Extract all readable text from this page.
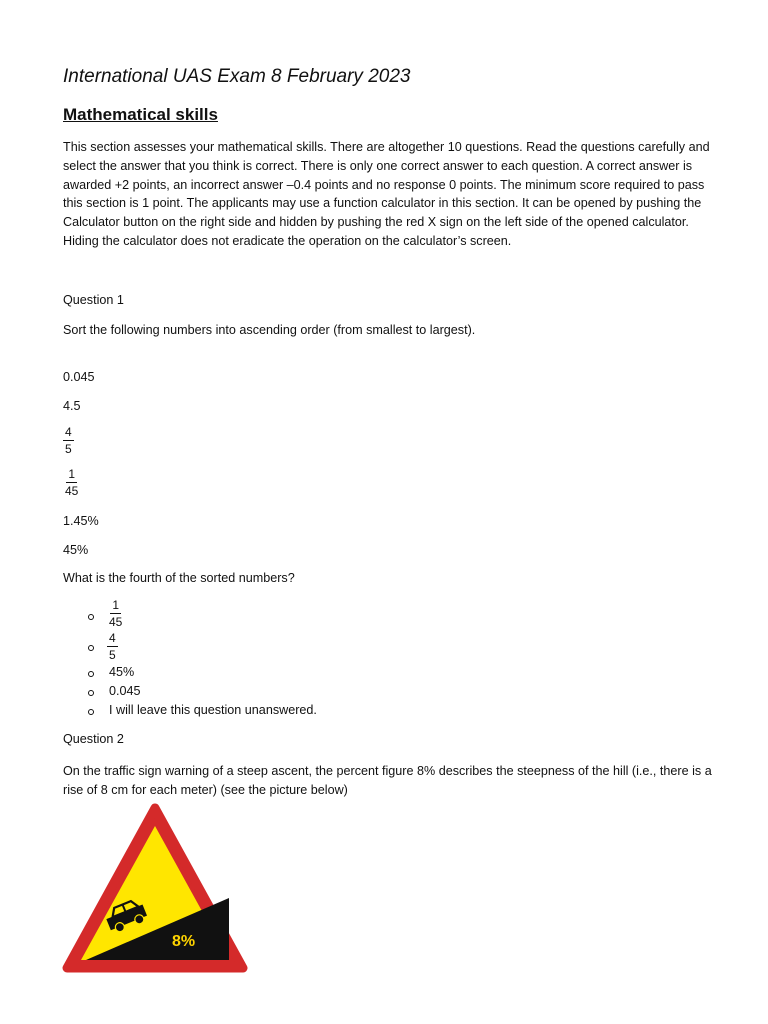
International UAS Exam 8 February 2023
Mathematical skills
This section assesses your mathematical skills. There are altogether 10 questions. Read the questions carefully and select the answer that you think is correct. There is only one correct answer to each question. A correct answer is awarded +2 points, an incorrect answer –0.4 points and no response 0 points. The minimum score required to pass this section is 1 point. The applicants may use a function calculator in this section. It can be opened by pushing the Calculator button on the right side and hidden by pushing the red X sign on the left side of the opened calculator. Hiding the calculator does not eradicate the operation on the calculator’s screen.
Question 1
Sort the following numbers into ascending order (from smallest to largest).
0.045
4.5
$\frac{4}{5}$
$\frac{1}{45}$
1.45%
45%
What is the fourth of the sorted numbers?
$\frac{1}{45}$
$\frac{4}{5}$
45%
0.045
I will leave this question unanswered.
Question 2
On the traffic sign warning of a steep ascent, the percent figure 8% describes the steepness of the hill (i.e., there is a rise of 8 cm for each meter) (see the picture below)
8%
